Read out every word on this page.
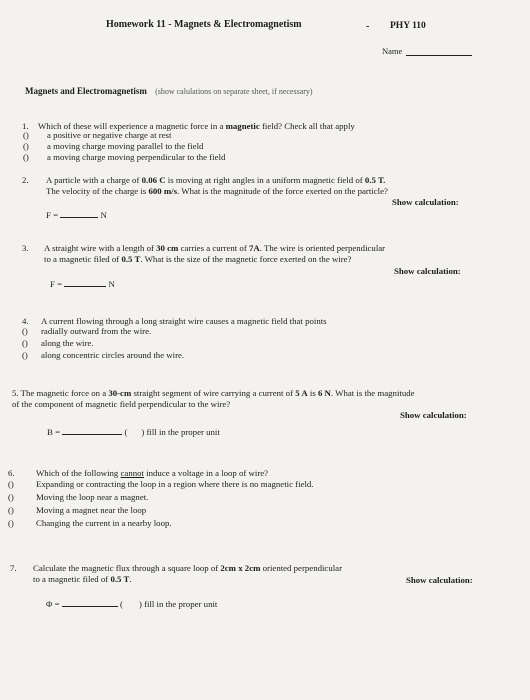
Homework 11 - Magnets & Electromagnetism	- PHY 110
Name
Magnets and Electromagnetism (show calulations on separate sheet, if necessary)
1. Which of these will experience a magnetic force in a magnetic field? Check all that apply
() a positive or negative charge at rest
() a moving charge moving parallel to the field
() a moving charge moving perpendicular to the field
2. A particle with a charge of 0.06 C is moving at right angles in a uniform magnetic field of 0.5 T.
The velocity of the charge is 600 m/s. What is the magnitude of the force exerted on the particle?
Show calculation:
F =	N
3. A straight wire with a length of 30 cm carries a current of 7A. The wire is oriented perpendicular
to a magnetic filed of 0.5 T. What is the size of the magnetic force exerted on the wire?
Show calculation:
F =	N
4. A current flowing through a long straight wire causes a magnetic field that points
() radially outward from the wire.
() along the wire.
() along concentric circles around the wire.
5. The magnetic force on a 30-cm straight segment of wire carrying a current of 5 A is 6 N. What is the magnitude
of the component of magnetic field perpendicular to the wire?
Show calculation:
B =	( ) fill in the proper unit
6. Which of the following cannot induce a voltage in a loop of wire?
()	Expanding or contracting the loop in a region where there is no magnetic field.
()	Moving the loop near a magnet.
()	Moving a magnet near the loop
()	Changing the current in a nearby loop.
7. Calculate the magnetic flux through a square loop of 2cm x 2cm oriented perpendicular
to a magnetic filed of 0.5 T.	Show calculation:
Φ =	( ) fill in the proper unit
